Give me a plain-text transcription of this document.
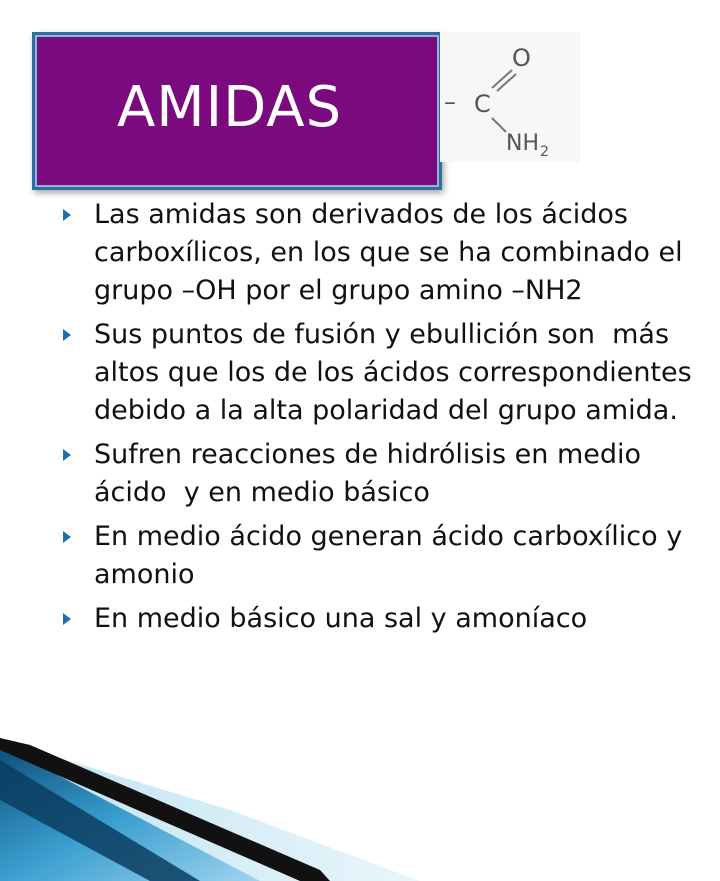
AMIDAS
O
– C
NH 2
Las amidas son derivados de los ácidos carboxílicos, en los que se ha combinado el grupo –OH por el grupo amino –NH2
Sus puntos de fusión y ebullición son  más altos que los de los ácidos correspondientes debido a la alta polaridad del grupo amida.
Sufren reacciones de hidrólisis en medio ácido  y en medio básico
En medio ácido generan ácido carboxílico y amonio
En medio básico una sal y amoníaco
